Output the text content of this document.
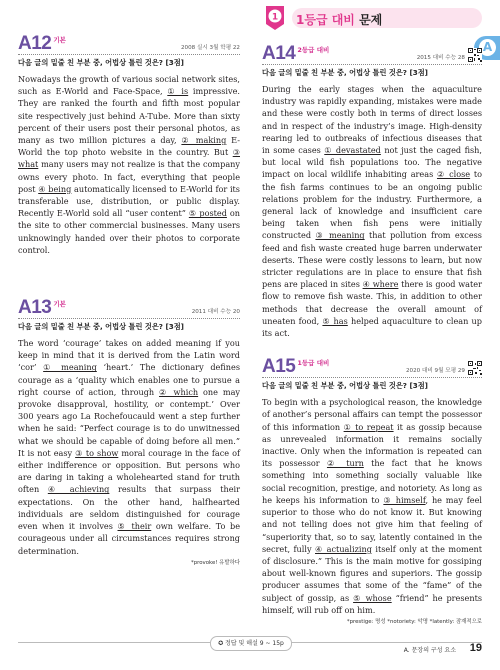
1 1등급 대비 문제
A
A12 기본
2008 실시 3월 학평 22
다음 글의 밑줄 친 부분 중, 어법상 틀린 것은? [3점]

Nowadays the growth of various social network sites, such as E-World and Face-Space, ① is impressive. They are ranked the fourth and fifth most popular site respectively just behind A-Tube. More than sixty percent of their users post their personal photos, as many as two million pictures a day, ② making E-World the top photo website in the country. But ③ what many users may not realize is that the company owns every photo. In fact, everything that people post ④ being automatically licensed to E-World for its transferable use, distribution, or public display. Recently E-World sold all “user content” ⑤ posted on the site to other commercial businesses. Many users unknowingly handed over their photos to corporate control.

A13 기본
2011 대비 수능 20
다음 글의 밑줄 친 부분 중, 어법상 틀린 것은? [3점]

The word ‘courage’ takes on added meaning if you keep in mind that it is derived from the Latin word ‘cor’ ① meaning ‘heart.’ The dictionary defines courage as a ‘quality which enables one to pursue a right course of action, through ② which one may provoke disapproval, hostility, or contempt.’ Over 300 years ago La Rochefoucauld went a step further when he said: “Perfect courage is to do unwitnessed what we should be capable of doing before all men.” It is not easy ③ to show moral courage in the face of either indifference or opposition. But persons who are daring in taking a wholehearted stand for truth often ④ achieving results that surpass their expectations. On the other hand, halfhearted individuals are seldom distinguished for courage even when it involves ⑤ their own welfare. To be courageous under all circumstances requires strong determination.

*provoke! 유발하다
A14 2등급 대비
2015 대비 수능 28
다음 글의 밑줄 친 부분 중, 어법상 틀린 것은? [3점]

During the early stages when the aquaculture industry was rapidly expanding, mistakes were made and these were costly both in terms of direct losses and in respect of the industry’s image. High-density rearing led to outbreaks of infectious diseases that in some cases ① devastated not just the caged fish, but local wild fish populations too. The negative impact on local wildlife inhabiting areas ② close to the fish farms continues to be an ongoing public relations problem for the industry. Furthermore, a general lack of knowledge and insufficient care being taken when fish pens were initially constructed ③ meaning that pollution from excess feed and fish waste created huge barren underwater deserts. These were costly lessons to learn, but now stricter regulations are in place to ensure that fish pens are placed in sites ④ where there is good water flow to remove fish waste. This, in addition to other methods that decrease the overall amount of uneaten food, ⑤ has helped aquaculture to clean up its act.

A15 1등급 대비
2020 대비 9월 모평 29
다음 글의 밑줄 친 부분 중, 어법상 틀린 것은? [3점]

To begin with a psychological reason, the knowledge of another’s personal affairs can tempt the possessor of this information ① to repeat it as gossip because as unrevealed information it remains socially inactive. Only when the information is repeated can its possessor ② turn the fact that he knows something into something socially valuable like social recognition, prestige, and notoriety. As long as he keeps his information to ③ himself, he may feel superior to those who do not know it. But knowing and not telling does not give him that feeling of “superiority that, so to say, latently contained in the secret, fully ④ actualizing itself only at the moment of disclosure.” This is the main motive for gossiping about well-known figures and superiors. The gossip producer assumes that some of the “fame” of the subject of gossip, as ⑤ whose “friend” he presents himself, will rub off on him.

*prestige: 명성 *notoriety: 악명 *latently: 잠재적으로
✪ 정답 및 해설 9 ~ 15p
A. 문장의 구성 요소 19
